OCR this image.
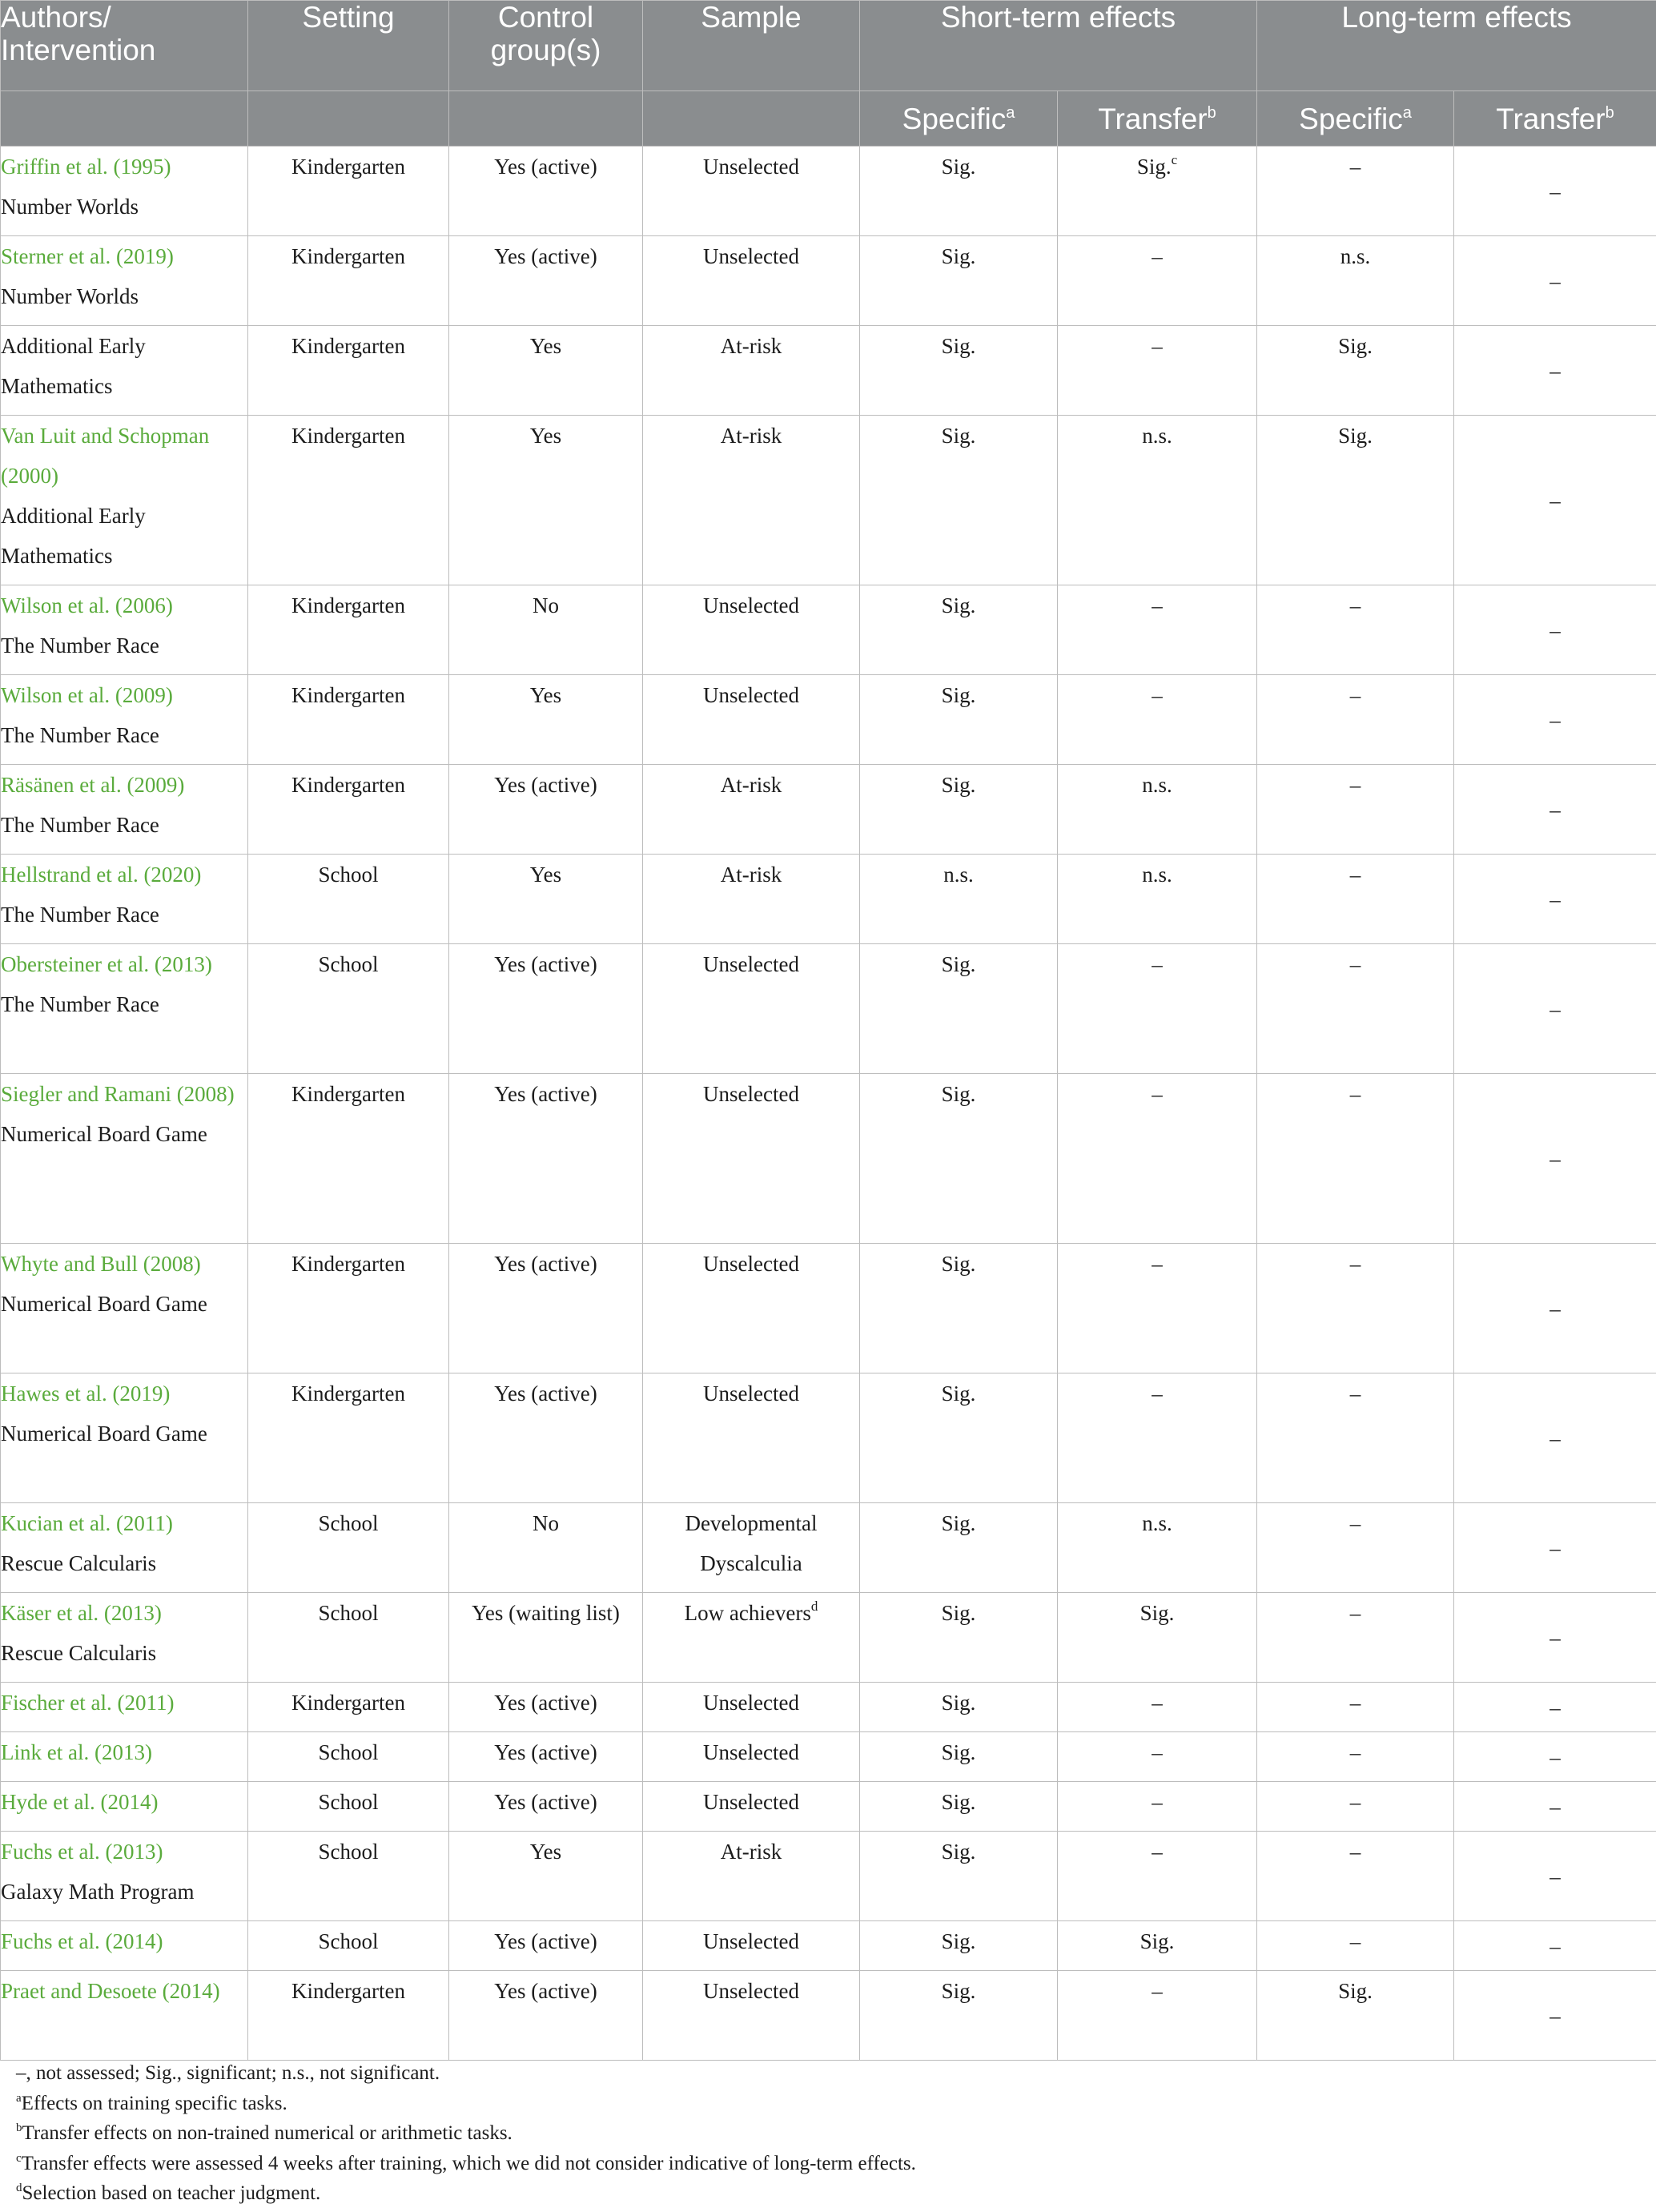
Authors/ Intervention	Setting	Control group(s)	Sample	Short-term effects		Long-term effects	
				Specific$^a$	Transfer$^b$	Specific$^a$	Transfer$^b$

Griffin et al. (1995)
Number Worlds	Kindergarten	Yes (active)	Unselected	Sig.	Sig.$^c$	–	–

Sterner et al. (2019)
Number Worlds	Kindergarten	Yes (active)	Unselected	Sig.	–	n.s.	–

Additional Early Mathematics	Kindergarten	Yes	At-risk	Sig.	–	Sig.	–

Van Luit and Schopman (2000)
Additional Early Mathematics	Kindergarten	Yes	At-risk	Sig.	n.s.	Sig.	–

Wilson et al. (2006)
The Number Race	Kindergarten	No	Unselected	Sig.	–	–	–

Wilson et al. (2009)
The Number Race	Kindergarten	Yes	Unselected	Sig.	–	–	–

Räsänen et al. (2009)
The Number Race	Kindergarten	Yes (active)	At-risk	Sig.	n.s.	–	–

Hellstrand et al. (2020)
The Number Race	School	Yes	At-risk	n.s.	n.s.	–	–

Obersteiner et al. (2013)
The Number Race	School	Yes (active)	Unselected	Sig.	–	–	–

Siegler and Ramani (2008)
Numerical Board Game	Kindergarten	Yes (active)	Unselected	Sig.	–	–	–

Whyte and Bull (2008)
Numerical Board Game	Kindergarten	Yes (active)	Unselected	Sig.	–	–	–

Hawes et al. (2019)
Numerical Board Game	Kindergarten	Yes (active)	Unselected	Sig.	–	–	–

Kucian et al. (2011)
Rescue Calcularis	School	No	Developmental Dyscalculia	Sig.	n.s.	–	–

Käser et al. (2013)
Rescue Calcularis	School	Yes (waiting list)	Low achievers$^d$	Sig.	Sig.	–	–

Fischer et al. (2011)	Kindergarten	Yes (active)	Unselected	Sig.	–	–	–

Link et al. (2013)	School	Yes (active)	Unselected	Sig.	–	–	–

Hyde et al. (2014)	School	Yes (active)	Unselected	Sig.	–	–	–

Fuchs et al. (2013)
Galaxy Math Program	School	Yes	At-risk	Sig.	–	–	–

Fuchs et al. (2014)	School	Yes (active)	Unselected	Sig.	Sig.	–	–

Praet and Desoete (2014)	Kindergarten	Yes (active)	Unselected	Sig.	–	Sig.	–
–, not assessed; Sig., significant; n.s., not significant.
$^a$Effects on training specific tasks.
$^b$Transfer effects on non-trained numerical or arithmetic tasks.
$^c$Transfer effects were assessed 4 weeks after training, which we did not consider indicative of long-term effects.
$^d$Selection based on teacher judgment.
